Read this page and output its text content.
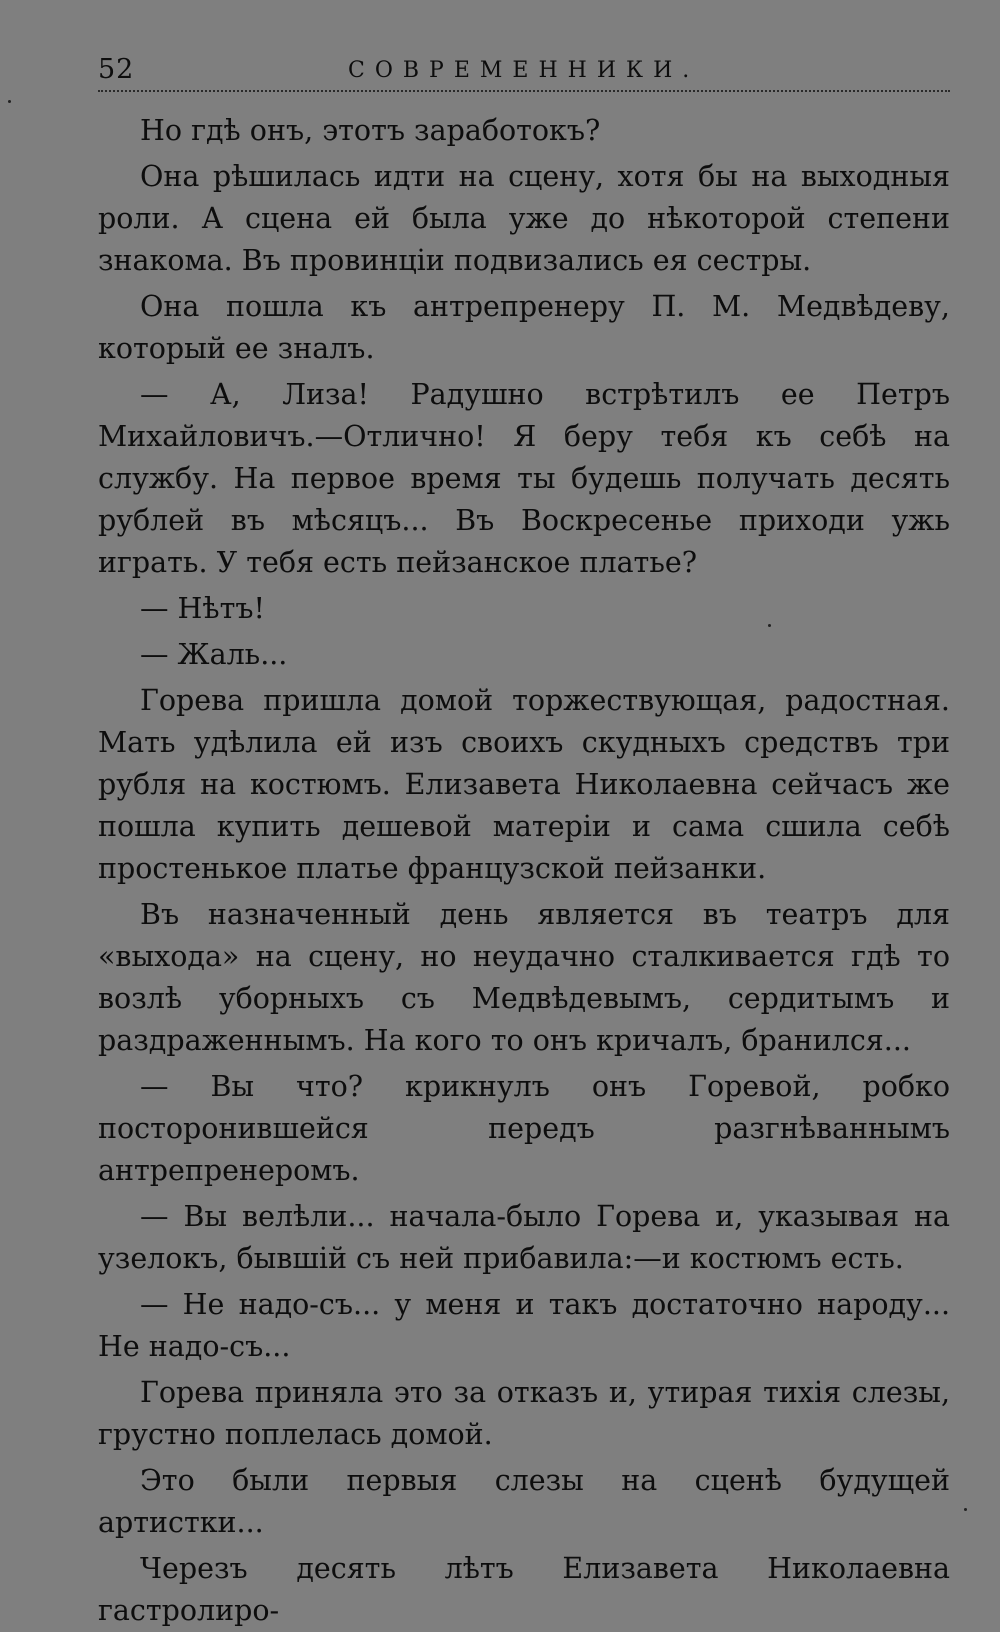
52	СОВРЕМЕННИКИ.

Но гдѣ онъ, этотъ заработокъ?

Она рѣшилась идти на сцену, хотя бы на выходныя роли. А сцена ей была уже до нѣкоторой степени знакома. Въ провинціи подвизались ея сестры.

Она пошла къ антрепренеру П. М. Медвѣдеву, который ее зналъ.

— А, Лиза! Радушно встрѣтилъ ее Петръ Михайловичъ.—Отлично! Я беру тебя къ себѣ на службу. На первое время ты будешь получать десять рублей въ мѣсяцъ... Въ Воскресенье приходи ужь играть. У тебя есть пейзанское платье?

— Нѣтъ!

— Жаль...

Горева пришла домой торжествующая, радостная. Мать удѣлила ей изъ своихъ скудныхъ средствъ три рубля на костюмъ. Елизавета Николаевна сейчасъ же пошла купить дешевой матеріи и сама сшила себѣ простенькое платье французской пейзанки.

Въ назначенный день является въ театръ для «выхода» на сцену, но неудачно сталкивается гдѣ то возлѣ уборныхъ съ Медвѣдевымъ, сердитымъ и раздраженнымъ. На кого то онъ кричалъ, бранился...

— Вы что? крикнулъ онъ Горевой, робко посторонившейся передъ разгнѣваннымъ антрепренеромъ.

— Вы велѣли... начала-было Горева и, указывая на узелокъ, бывшій съ ней прибавила:—и костюмъ есть.

— Не надо-съ... у меня и такъ достаточно народу... Не надо-съ...

Горева приняла это за отказъ и, утирая тихія слезы, грустно поплелась домой.

Это были первыя слезы на сценѣ будущей артистки...

Черезъ десять лѣтъ Елизавета Николаевна гастролиро-
